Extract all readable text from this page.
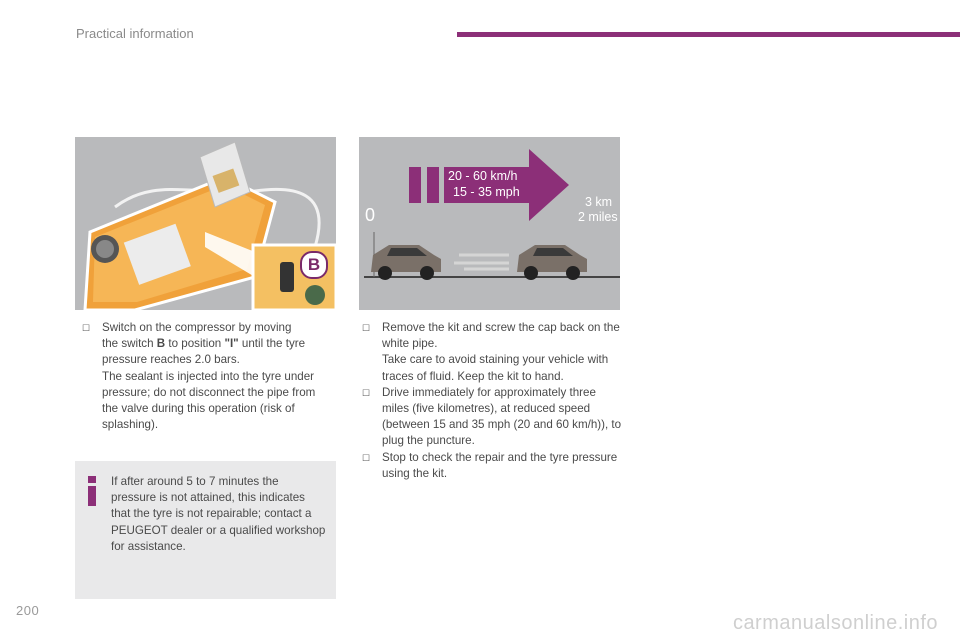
Practical information
B
20 - 60 km/h
15 - 35 mph
0
3 km
2 miles
☐ Switch on the compressor by moving
the switch B to position "I" until the tyre
pressure reaches 2.0 bars.

The sealant is injected into the tyre under pressure; do not disconnect the pipe from the valve during this operation (risk of splashing).

If after around 5 to 7 minutes the pressure is not attained, this indicates that the tyre is not repairable; contact a PEUGEOT dealer or a qualified workshop for assistance.
☐ Remove the kit and screw the cap back on the white pipe.

Take care to avoid staining your vehicle with traces of fluid. Keep the kit to hand.

☐ Drive immediately for approximately three miles (five kilometres), at reduced speed (between 15 and 35 mph (20 and 60 km/h)), to plug the puncture.

☐ Stop to check the repair and the tyre pressure using the kit.

200
carmanualsonline.info
